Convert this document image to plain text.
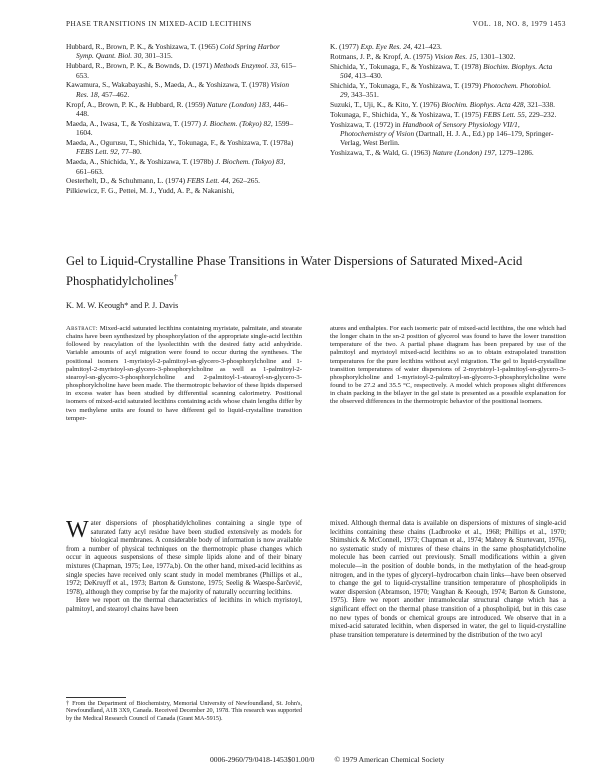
PHASE TRANSITIONS IN MIXED-ACID LECITHINS	VOL. 18, NO. 8, 1979 1453
Hubbard, R., Brown, P. K., & Yoshizawa, T. (1965) Cold Spring Harbor Symp. Quant. Biol. 30, 301–315.
Hubbard, R., Brown, P. K., & Bownds, D. (1971) Methods Enzymol. 33, 615–653.
Kawamura, S., Wakabayashi, S., Maeda, A., & Yoshizawa, T. (1978) Vision Res. 18, 457–462.
Kropf, A., Brown, P. K., & Hubbard, R. (1959) Nature (London) 183, 446–448.
Maeda, A., Iwasa, T., & Yoshizawa, T. (1977) J. Biochem. (Tokyo) 82, 1599–1604.
Maeda, A., Ogurusu, T., Shichida, Y., Tokunaga, F., & Yoshizawa, T. (1978a) FEBS Lett. 92, 77–80.
Maeda, A., Shichida, Y., & Yoshizawa, T. (1978b) J. Biochem. (Tokyo) 83, 661–663.
Oesterhelt, D., & Schuhmann, L. (1974) FEBS Lett. 44, 262–265.
Pilkiewicz, F. G., Pettei, M. J., Yudd, A. P., & Nakanishi,
K. (1977) Exp. Eye Res. 24, 421–423.
Rotmans, J. P., & Kropf, A. (1975) Vision Res. 15, 1301–1302.
Shichida, Y., Tokunaga, F., & Yoshizawa, T. (1978) Biochim. Biophys. Acta 504, 413–430.
Shichida, Y., Tokunaga, F., & Yoshizawa, T. (1979) Photochem. Photobiol. 29, 343–351.
Suzuki, T., Uji, K., & Kito, Y. (1976) Biochim. Biophys. Acta 428, 321–338.
Tokunaga, F., Shichida, Y., & Yoshizawa, T. (1975) FEBS Lett. 55, 229–232.
Yoshizawa, T. (1972) in Handbook of Sensory Physiology VII/1, Photochemistry of Vision (Dartnall, H. J. A., Ed.) pp 146–179, Springer-Verlag, West Berlin.
Yoshizawa, T., & Wald, G. (1963) Nature (London) 197, 1279–1286.
Gel to Liquid-Crystalline Phase Transitions in Water Dispersions of Saturated Mixed-Acid Phosphatidylcholines†
K. M. W. Keough* and P. J. Davis
Abstract: Mixed-acid saturated lecithins containing myristate, palmitate, and stearate chains have been synthesized by phosphorylation of the appropriate single-acid lecithin followed by reacylation of the lysolecithin with the desired fatty acid anhydride. Variable amounts of acyl migration were found to occur during the syntheses. The positional isomers 1-myristoyl-2-palmitoyl-sn-glycero-3-phosphorylcholine and 1-palmitoyl-2-myristoyl-sn-glycero-3-phosphorylcholine as well as 1-palmitoyl-2-stearoyl-sn-glycero-3-phosphorylcholine and 2-palmitoyl-1-stearoyl-sn-glycero-3-phosphorylcholine have been made. The thermotropic behavior of these lipids dispersed in excess water has been studied by differential scanning calorimetry. Positional isomers of mixed-acid saturated lecithins containing acids whose chain lengths differ by two methylene units are found to have different gel to liquid-crystalline transition temper-
atures and enthalpies. For each isomeric pair of mixed-acid lecithins, the one which had the longer chain in the sn-2 position of glycerol was found to have the lower transition temperature of the two. A partial phase diagram has been prepared by use of the palmitoyl and myristoyl mixed-acid lecithins so as to obtain extrapolated transition temperatures for the pure lecithins without acyl migration. The gel to liquid-crystalline transition temperatures of water dispersions of 2-myristoyl-1-palmitoyl-sn-glycero-3-phosphorylcholine and 1-myristoyl-2-palmitoyl-sn-glycero-3-phosphorylcholine were found to be 27.2 and 35.5 °C, respectively. A model which proposes slight differences in chain packing in the bilayer in the gel state is presented as a possible explanation for the observed differences in the thermotropic behavior of the positional isomers.

Water dispersions of phosphatidylcholines containing a single type of saturated fatty acyl residue have been studied extensively as models for biological membranes. A considerable body of information is now available from a number of physical techniques on the thermotropic phase changes which occur in aqueous suspensions of these simple lipids alone and of their binary mixtures (Chapman, 1975; Lee, 1977a,b). On the other hand, mixed-acid lecithins as single species have received only scant study in model membranes (Phillips et al., 1972; DeKruyff et al., 1973; Barton & Gunstone, 1975; Seelig & Waespe-Šarčević, 1978), although they comprise by far the majority of naturally occurring lecithins.

Here we report on the thermal characteristics of lecithins in which myristoyl, palmitoyl, and stearoyl chains have been

mixed. Although thermal data is available on dispersions of mixtures of single-acid lecithins containing these chains (Ladbrooke et al., 1968; Phillips et al., 1970; Shimshick & McConnell, 1973; Chapman et al., 1974; Mabrey & Sturtevant, 1976), no systematic study of mixtures of these chains in the same phosphatidylcholine molecule has been carried out previously. Small modifications within a given molecule—in the position of double bonds, in the methylation of the head-group nitrogen, and in the types of glyceryl–hydrocarbon chain links—have been observed to change the gel to liquid-crystalline transition temperature of phospholipids in water dispersion (Abramson, 1970; Vaughan & Keough, 1974; Barton & Gunstone, 1975). Here we report another intramolecular structural change which has a significant effect on the thermal phase transition of a phospholipid, but in this case no new types of bonds or chemical groups are introduced. We observe that in a mixed-acid saturated lecithin, when dispersed in water, the gel to liquid-crystalline phase transition temperature is determined by the distribution of the two acyl

† From the Department of Biochemistry, Memorial University of Newfoundland, St. John's, Newfoundland, A1B 3X9, Canada. Received December 20, 1978. This research was supported by the Medical Research Council of Canada (Grant MA-5915).
0006-2960/79/0418-1453$01.00/0	© 1979 American Chemical Society
